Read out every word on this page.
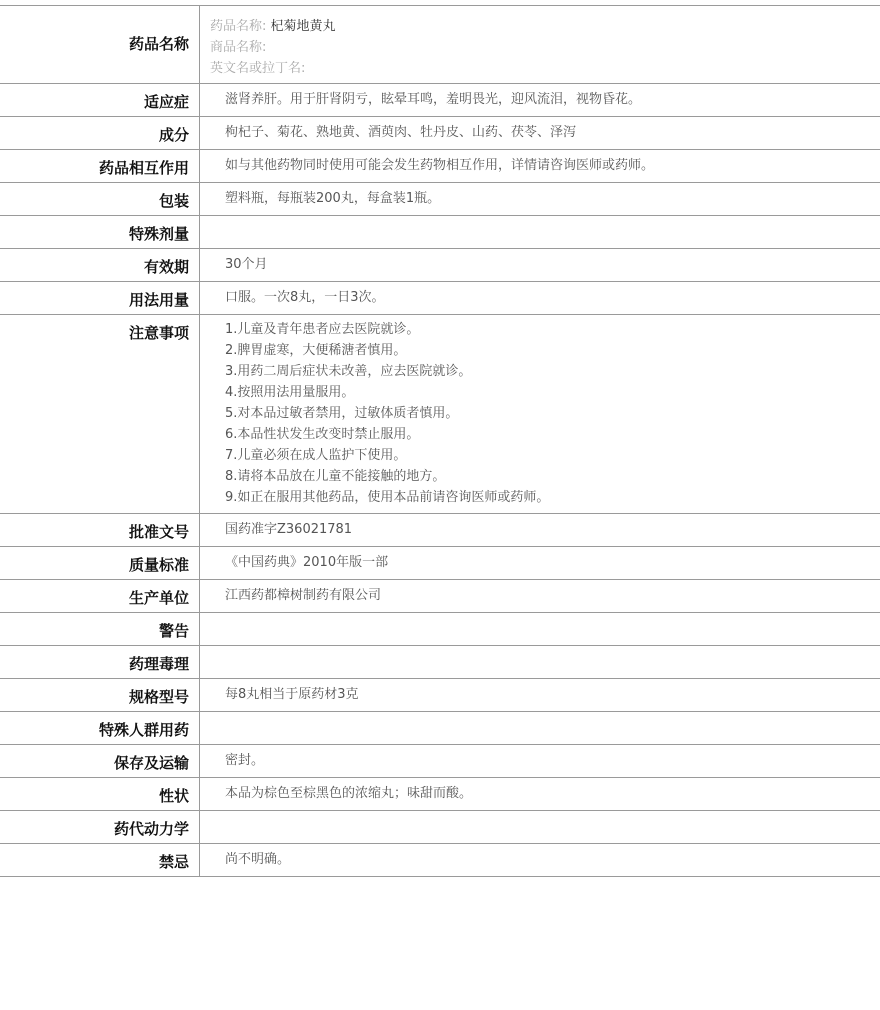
药品名称
药品名称: 杞菊地黄丸
商品名称:
英文名或拉丁名:
适应症	滋肾养肝。用于肝肾阴亏，眩晕耳鸣，羞明畏光，迎风流泪，视物昏花。
成分	枸杞子、菊花、熟地黄、酒萸肉、牡丹皮、山药、茯苓、泽泻
药品相互作用	如与其他药物同时使用可能会发生药物相互作用，详情请咨询医师或药师。
包装	塑料瓶，每瓶装200丸，每盒装1瓶。
特殊剂量
有效期	30个月
用法用量	口服。一次8丸，一日3次。
注意事项	1.儿童及青年患者应去医院就诊。
2.脾胃虚寒，大便稀溏者慎用。
3.用药二周后症状未改善，应去医院就诊。
4.按照用法用量服用。
5.对本品过敏者禁用，过敏体质者慎用。
6.本品性状发生改变时禁止服用。
7.儿童必须在成人监护下使用。
8.请将本品放在儿童不能接触的地方。
9.如正在服用其他药品，使用本品前请咨询医师或药师。
批准文号	国药准字Z36021781
质量标准	《中国药典》2010年版一部
生产单位	江西药都樟树制药有限公司
警告
药理毒理
规格型号	每8丸相当于原药材3克
特殊人群用药
保存及运输	密封。
性状	本品为棕色至棕黑色的浓缩丸；味甜而酸。
药代动力学
禁忌	尚不明确。
